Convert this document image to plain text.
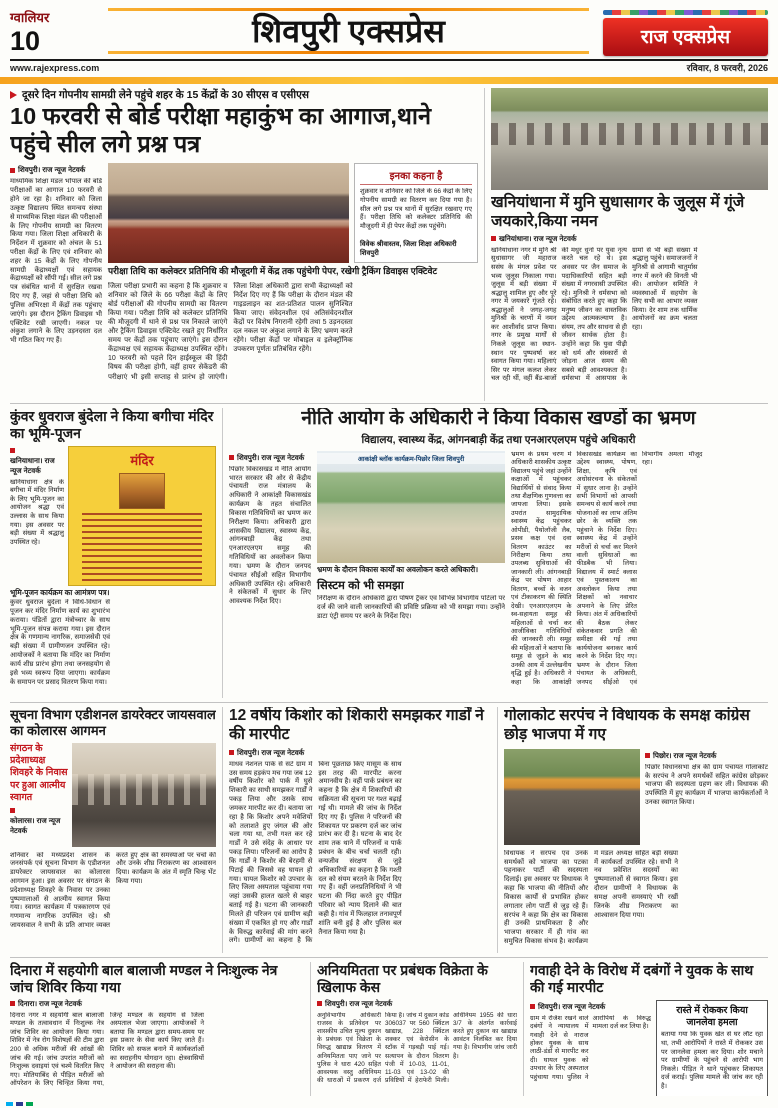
ग्वालियर
10	शिवपुरी एक्सप्रेस	राज एक्सप्रेस
www.rajexpress.com	रविवार, 8 फरवरी, 2026
दूसरे दिन गोपनीय सामग्री लेने पहुंचे शहर के 15 केंद्रों के 30 सीएस व एसीएस
10 फरवरी से बोर्ड परीक्षा महाकुंभ का आगाज,थाने पहुंचे सील लगे प्रश्न पत्र
शिवपुरी। राज न्यूज नेटवर्क
माध्यमिक शिक्षा मंडल भोपाल की बोर्ड परीक्षाओं का आगाज 10 फरवरी से होने जा रहा है। शनिवार को जिला उत्कृष्ट विद्यालय स्थित समन्वय संस्था से माध्यमिक शिक्षा मंडल की परीक्षाओं के लिए गोपनीय सामग्री का वितरण किया गया। जिला शिक्षा अधिकारी के निर्देशन में शुक्रवार को अंचल के 51 परीक्षा केंद्रों के लिए एवं शनिवार को शहर के 15 केंद्रों के लिए गोपनीय सामग्री केंद्राध्यक्षों एवं सहायक केंद्राध्यक्षों को सौंपी गई। सील लगे प्रश्न पत्र संबंधित थानों में सुरक्षित रखवा दिए गए हैं, जहां से परीक्षा तिथि को पुलिस अभिरक्षा में केंद्रों तक पहुंचाए जाएंगे। इस दौरान ट्रैकिंग डिवाइस भी एक्टिवेट रखी जाएगी। नकल पर अंकुश लगाने के लिए उड़नदस्ता दल भी गठित किए गए हैं।
इनका कहना है
शुक्रवार व शनिवार को जिले के 66 केंद्रों के लिए गोपनीय सामग्री का वितरण कर दिया गया है। सील लगे प्रश्न पत्र थानों में सुरक्षित रखवाए गए हैं। परीक्षा तिथि को कलेक्टर प्रतिनिधि की मौजूदगी में ही पेपर केंद्रों तक पहुंचेंगे।
विवेक श्रीवास्तव, जिला शिक्षा अधिकारी शिवपुरी
परीक्षा तिथि का कलेक्टर प्रतिनिधि की मौजूदगी में केंद्र तक पहुंचेगी पेपर, रखेगी ट्रैकिंग डिवाइस एक्टिवेट
जिला परीक्षा प्रभारी का कहना है कि शुक्रवार व शनिवार को जिले के 66 परीक्षा केंद्रों के लिए बोर्ड परीक्षाओं की गोपनीय सामग्री का वितरण किया गया। परीक्षा तिथि को कलेक्टर प्रतिनिधि की मौजूदगी में थाने से प्रश्न पत्र निकाले जाएंगे और ट्रैकिंग डिवाइस एक्टिवेट रखते हुए निर्धारित समय पर केंद्रों तक पहुंचाए जाएंगे। इस दौरान केंद्राध्यक्ष एवं सहायक केंद्राध्यक्ष उपस्थित रहेंगे। 10 फरवरी को पहले दिन हाईस्कूल की हिंदी विषय की परीक्षा होगी, वहीं हायर सेकेंडरी की परीक्षाएं भी इसी सप्ताह से प्रारंभ हो जाएंगी। जिला शिक्षा अधिकारी द्वारा सभी केंद्राध्यक्षों को निर्देश दिए गए हैं कि परीक्षा के दौरान मंडल की गाइडलाइन का शत-प्रतिशत पालन सुनिश्चित किया जाए। संवेदनशील एवं अतिसंवेदनशील केंद्रों पर विशेष निगरानी रहेगी तथा 5 उड़नदस्ता दल नकल पर अंकुश लगाने के लिए भ्रमण करते रहेंगे। परीक्षा केंद्रों पर मोबाइल व इलेक्ट्रॉनिक उपकरण पूर्णतः प्रतिबंधित रहेंगे।
खनियांधाना में मुनि सुधासागर के जुलूस में गूंजे जयकारे,किया नमन
खनियांधाना। राज न्यूज नेटवर्क
खनियांधाना नगर में मुनि श्री सुधासागर जी महाराज ससंघ के मंगल प्रवेश पर भव्य जुलूस निकाला गया। जुलूस में बड़ी संख्या में श्रद्धालु शामिल हुए और पूरे नगर में जयकारे गूंजते रहे। श्रद्धालुओं ने जगह-जगह मुनिश्री के चरणों में नमन कर आशीर्वाद प्राप्त किया। नगर के प्रमुख मार्गों से निकले जुलूस का स्थान-स्थान पर पुष्पवर्षा कर स्वागत किया गया। महिलाएं सिर पर मंगल कलश लेकर चल रही थीं, वहीं बैंड-बाजों की मधुर धुनों पर युवा नृत्य करते चल रहे थे। इस अवसर पर जैन समाज के पदाधिकारियों सहित बड़ी संख्या में नगरवासी उपस्थित रहे। मुनिश्री ने धर्मसभा को संबोधित करते हुए कहा कि मनुष्य जीवन का वास्तविक उद्देश्य आत्मकल्याण है। संयम, तप और साधना से ही जीवन सार्थक होता है। उन्होंने कहा कि युवा पीढ़ी को धर्म और संस्कारों से जोड़ना आज समय की सबसे बड़ी आवश्यकता है। धर्मसभा में आसपास के ग्रामों से भी बड़ी संख्या में श्रद्धालु पहुंचे। समाजजनों ने मुनिश्री से आगामी चातुर्मास नगर में करने की विनती भी की। आयोजन समिति ने व्यवस्थाओं में सहयोग के लिए सभी का आभार व्यक्त किया। देर शाम तक धार्मिक आयोजनों का क्रम चलता रहा।
कुंवर धुवराज बुंदेला ने किया बगीचा मंदिर का भूमि-पूजन
खनियाधाना। राज न्यूज नेटवर्क
खनियाधाना क्षेत्र के बगीचा में मंदिर निर्माण के लिए भूमि-पूजन का आयोजन श्रद्धा एवं उल्लास के साथ किया गया। इस अवसर पर बड़ी संख्या में श्रद्धालु उपस्थित रहे।
मंदिर
भूमि-पूजन कार्यक्रम का आमंत्रण पत्र।
कुंवर धुवराज बुंदेला ने विधि-विधान से पूजन कर मंदिर निर्माण कार्य का शुभारंभ कराया। पंडितों द्वारा मंत्रोच्चार के साथ भूमि-पूजन संपन्न कराया गया। इस दौरान क्षेत्र के गणमान्य नागरिक, समाजसेवी एवं बड़ी संख्या में ग्रामीणजन उपस्थित रहे। आयोजकों ने बताया कि मंदिर का निर्माण कार्य शीघ्र प्रारंभ होगा तथा जनसहयोग से इसे भव्य स्वरूप दिया जाएगा। कार्यक्रम के समापन पर प्रसाद वितरण किया गया।
नीति आयोग के अधिकारी ने किया विकास खण्डों का भ्रमण
विद्यालय, स्वास्थ्य केंद्र, आंगनबाड़ी केंद्र तथा एनआरएलएम पहुंचे अधिकारी
शिवपुरी। राज न्यूज नेटवर्क
पिछोर विकासखंड में नीति आयोग भारत सरकार की ओर से केंद्रीय पंचायती राज मंत्रालय के अधिकारी ने आकांक्षी विकासखंड कार्यक्रम के तहत संचालित विकास गतिविधियों का भ्रमण कर निरीक्षण किया। अधिकारी द्वारा शासकीय विद्यालय, स्वास्थ्य केंद्र, आंगनबाड़ी केंद्र तथा एनआरएलएम समूह की गतिविधियों का अवलोकन किया गया। भ्रमण के दौरान जनपद पंचायत सीईओ सहित विभागीय अधिकारी उपस्थित रहे। अधिकारी ने संकेतकों में सुधार के लिए आवश्यक निर्देश दिए।
आकांक्षी ब्लॉक कार्यक्रम-पिछोर जिला शिवपुरी
भ्रमण के दौरान विकास कार्यों का अवलोकन करते अधिकारी।
सिस्टम को भी समझा
निरीक्षण के दौरान अधिकारी द्वारा पोषण ट्रैकर एवं विभिन्न विभागीय पोर्टलों पर दर्ज की जाने वाली जानकारियों की प्रविष्टि प्रक्रिया को भी समझा गया। उन्होंने डाटा एंट्री समय पर करने के निर्देश दिए।
भ्रमण के प्रथम चरण में अधिकारी शासकीय उत्कृष्ट विद्यालय पहुंचे जहां उन्होंने कक्षाओं में पहुंचकर विद्यार्थियों से संवाद किया तथा शैक्षणिक गुणवत्ता का जायजा लिया। इसके उपरांत सामुदायिक स्वास्थ्य केंद्र पहुंचकर ओपीडी, पैथोलॉजी लैब, प्रसव कक्ष एवं दवा वितरण काउंटर का निरीक्षण किया तथा उपलब्ध सुविधाओं की जानकारी ली। आंगनबाड़ी केंद्र पर पोषण आहार वितरण, बच्चों के वजन एवं टीकाकरण की स्थिति देखी। एनआरएलएम के स्व-सहायता समूह की महिलाओं से चर्चा कर आजीविका गतिविधियों की जानकारी ली। समूह की महिलाओं ने बताया कि समूह से जुड़ने के बाद उनकी आय में उल्लेखनीय वृद्धि हुई है। अधिकारी ने कहा कि आकांक्षी विकासखंड कार्यक्रम का उद्देश्य स्वास्थ्य, पोषण, शिक्षा, कृषि एवं अधोसंरचना के संकेतकों में सुधार लाना है। उन्होंने सभी विभागों को आपसी समन्वय से कार्य करने तथा योजनाओं का लाभ अंतिम छोर के व्यक्ति तक पहुंचाने के निर्देश दिए। स्वास्थ्य केंद्र में उन्होंने मरीजों से चर्चा कर मिलने वाली सुविधाओं का फीडबैक भी लिया। विद्यालय में स्मार्ट क्लास एवं पुस्तकालय का अवलोकन किया तथा शिक्षकों को नवाचार अपनाने के लिए प्रेरित किया। अंत में अधिकारियों की बैठक लेकर संकेतकवार प्रगति की समीक्षा की गई तथा कार्ययोजना बनाकर कार्य करने के निर्देश दिए गए। भ्रमण के दौरान जिला पंचायत के अधिकारी, जनपद सीईओ एवं विभागीय अमला मौजूद रहा।
सूचना विभाग एडीशनल डायरेक्टर जायसवाल का कोलारस आगमन
संगठन के प्रदेशाध्यक्ष शिवहरे के निवास पर हुआ आत्मीय स्वागत
कोलारस। राज न्यूज नेटवर्क
शनिवार को मध्यप्रदेश शासन के जनसंपर्क एवं सूचना विभाग के एडीशनल डायरेक्टर जायसवाल का कोलारस आगमन हुआ। इस अवसर पर संगठन के प्रदेशाध्यक्ष शिवहरे के निवास पर उनका पुष्पमालाओं से आत्मीय स्वागत किया गया। स्वागत कार्यक्रम में पत्रकारगण एवं गणमान्य नागरिक उपस्थित रहे। श्री जायसवाल ने सभी के प्रति आभार व्यक्त करते हुए क्षेत्र की समस्याओं पर चर्चा की और उनके शीघ्र निराकरण का आश्वासन दिया। कार्यक्रम के अंत में स्मृति चिन्ह भेंट किया गया।
12 वर्षीय किशोर को शिकारी समझकर गार्डों ने की मारपीट
शिवपुरी। राज न्यूज नेटवर्क
माधव नेशनल पार्क से सटे ग्राम में उस समय हड़कंप मच गया जब 12 वर्षीय किशोर को पार्क में घुसे शिकारी का साथी समझकर गार्डों ने पकड़ लिया और उसके साथ जमकर मारपीट कर दी। बताया जा रहा है कि किशोर अपने मवेशियों को तलाशते हुए जंगल की ओर चला गया था, तभी गश्त कर रहे गार्डों ने उसे संदेह के आधार पर पकड़ लिया। परिजनों का आरोप है कि गार्डों ने किशोर की बेरहमी से पिटाई की जिससे वह घायल हो गया। घायल किशोर को उपचार के लिए जिला अस्पताल पहुंचाया गया जहां उसकी हालत खतरे से बाहर बताई गई है। घटना की जानकारी मिलते ही परिजन एवं ग्रामीण बड़ी संख्या में एकत्रित हो गए और गार्डों के विरुद्ध कार्रवाई की मांग करने लगे। ग्रामीणों का कहना है कि बिना पूछताछ किए मासूम के साथ इस तरह की मारपीट करना अमानवीय है। वहीं पार्क प्रबंधन का कहना है कि क्षेत्र में शिकारियों की सक्रियता की सूचना पर गश्त बढ़ाई गई थी। मामले की जांच के निर्देश दिए गए हैं। पुलिस ने परिजनों की शिकायत पर प्रकरण दर्ज कर जांच प्रारंभ कर दी है। घटना के बाद देर शाम तक थाने में परिजनों व पार्क प्रबंधन के बीच चर्चा चलती रही। वन्यजीव संरक्षण से जुड़े अधिकारियों का कहना है कि गश्ती दल को संयम बरतने के निर्देश दिए गए हैं। वहीं जनप्रतिनिधियों ने भी घटना की निंदा करते हुए पीड़ित परिवार को न्याय दिलाने की बात कही है। गांव में फिलहाल तनावपूर्ण शांति बनी हुई है और पुलिस बल तैनात किया गया है।
गोलाकोट सरपंच ने विधायक के समक्ष कांग्रेस छोड़ भाजपा में गए
पिछोर। राज न्यूज नेटवर्क
पिछोर विधानसभा क्षेत्र की ग्राम पंचायत गोलाकोट के सरपंच ने अपने समर्थकों सहित कांग्रेस छोड़कर भाजपा की सदस्यता ग्रहण कर ली। विधायक की उपस्थिति में हुए कार्यक्रम में भाजपा कार्यकर्ताओं ने उनका स्वागत किया।
विधायक ने सरपंच एवं उनके समर्थकों को भाजपा का पटका पहनाकर पार्टी की सदस्यता दिलाई। इस अवसर पर विधायक ने कहा कि भाजपा की नीतियों और विकास कार्यों से प्रभावित होकर लगातार लोग पार्टी से जुड़ रहे हैं। सरपंच ने कहा कि क्षेत्र का विकास ही उनकी प्राथमिकता है और भाजपा सरकार में ही गांव का समुचित विकास संभव है। कार्यक्रम में मंडल अध्यक्ष सहित बड़ी संख्या में कार्यकर्ता उपस्थित रहे। सभी ने नव प्रवेशित सदस्यों का पुष्पमालाओं से स्वागत किया। इस दौरान ग्रामीणों ने विधायक के समक्ष अपनी समस्याएं भी रखीं जिनके शीघ्र निराकरण का आश्वासन दिया गया।
दिनारा में सहयोगी बाल बालाजी मण्डल ने निःशुल्क नेत्र जांच शिविर किया गया
दिनारा। राज न्यूज नेटवर्क
दिनारा नगर में सहयोगी बाल बालाजी मण्डल के तत्वावधान में निःशुल्क नेत्र जांच शिविर का आयोजन किया गया। शिविर में नेत्र रोग विशेषज्ञों की टीम द्वारा 200 से अधिक मरीजों की आंखों की जांच की गई। जांच उपरांत मरीजों को निःशुल्क दवाइयां एवं चश्मे वितरित किए गए। मोतियाबिंद से पीड़ित मरीजों को ऑपरेशन के लिए चिन्हित किया गया, जिन्हें मण्डल के सहयोग से जिला अस्पताल भेजा जाएगा। आयोजकों ने बताया कि मण्डल द्वारा समय-समय पर इस प्रकार के सेवा कार्य किए जाते हैं। शिविर को सफल बनाने में कार्यकर्ताओं का सराहनीय योगदान रहा। क्षेत्रवासियों ने आयोजन की सराहना की।
अनियमितता पर प्रबंधक विक्रेता के खिलाफ केस
शिवपुरी। राज न्यूज नेटवर्क
अनुविभागीय अधिकारी राजस्व के प्रतिवेदन पर शासकीय उचित मूल्य दुकान के प्रबंधक एवं विक्रेता के विरुद्ध खाद्यान्न वितरण में अनियमितता पाए जाने पर पुलिस ने धारा 420 सहित आवश्यक वस्तु अधिनियम की धाराओं में प्रकरण दर्ज किया है। जांच में दुकान कोड 306037 पर 560 क्विंटल खाद्यान्न, 228 क्विंटल शक्कर एवं केरोसीन के स्टॉक में गड़बड़ी पाई गई। सत्यापन के दौरान वितरण पंजी में 10-03, 11-01, 11-03 एवं 13-02 की प्रविष्टियों में हेराफेरी मिली। अधिनियम 1955 की धारा 3/7 के अंतर्गत कार्रवाई करते हुए दुकान का खाद्यान्न आवंटन निलंबित कर दिया गया है। विभागीय जांच जारी है।
गवाही देने के विरोध में दबंगों ने युवक के साथ की गई मारपीट
शिवपुरी। राज न्यूज नेटवर्क
ग्राम में रंजिश रखने वाले दबंगों ने न्यायालय में गवाही देने से नाराज होकर युवक के साथ लाठी-डंडों से मारपीट कर दी। घायल युवक को उपचार के लिए अस्पताल पहुंचाया गया। पुलिस ने आरोपियों के विरुद्ध मामला दर्ज कर लिया है।
रास्ते में रोककर किया जानलेवा हमला
बताया गया कि युवक खेत से घर लौट रहा था, तभी आरोपियों ने रास्ते में रोककर उस पर जानलेवा हमला कर दिया। शोर मचाने पर ग्रामीणों के पहुंचने से आरोपी भाग निकले। पीड़ित ने थाने पहुंचकर शिकायत दर्ज कराई। पुलिस मामले की जांच कर रही है।
